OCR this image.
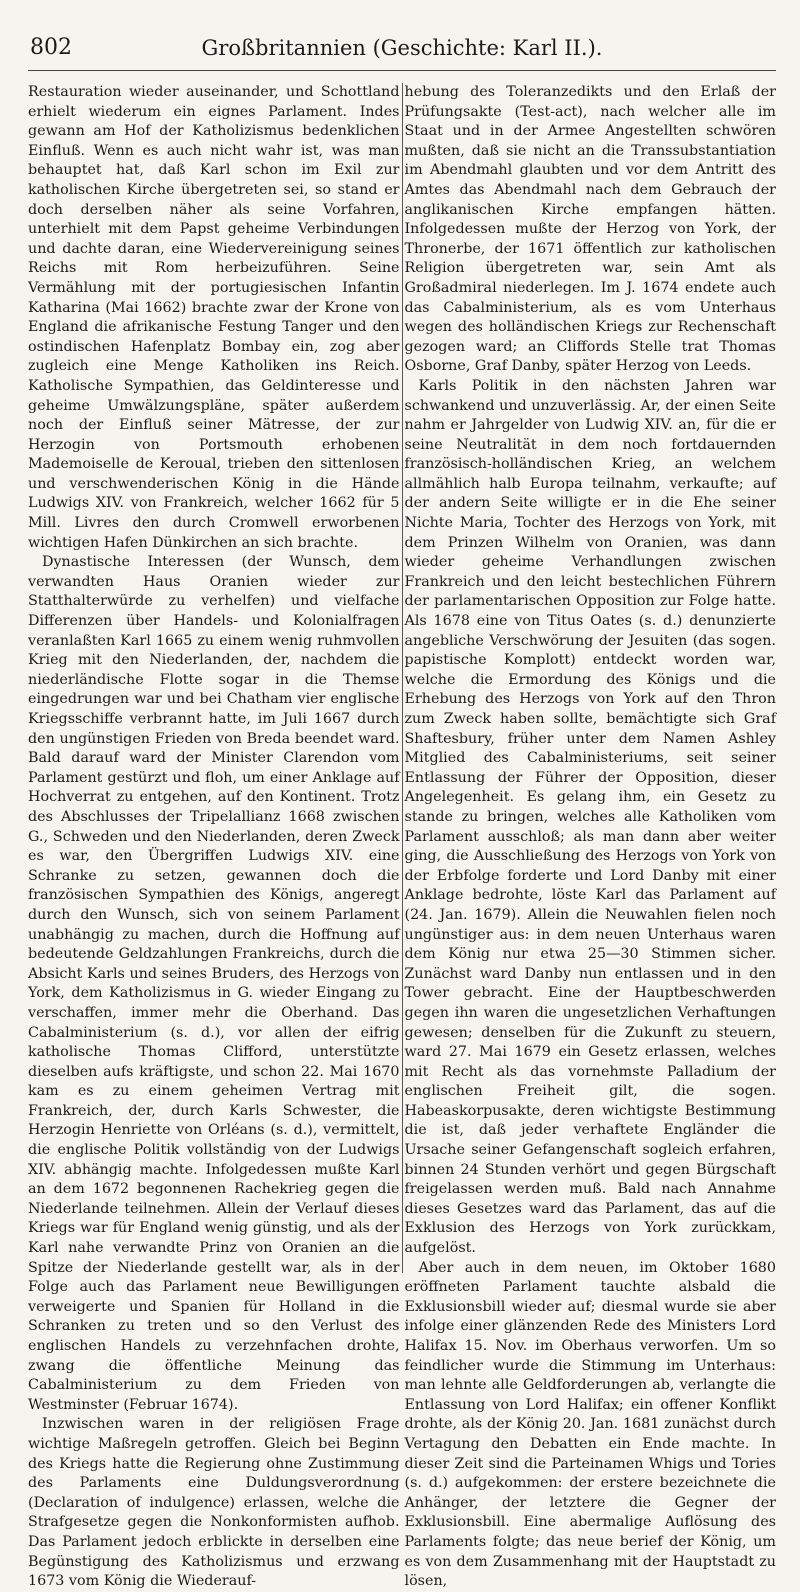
802	Großbritannien (Geschichte: Karl II.).

Restauration wieder auseinander, und Schottland erhielt wiederum ein eignes Parlament. Indes gewann am Hof der Katholizismus bedenklichen Einfluß. Wenn es auch nicht wahr ist, was man behauptet hat, daß Karl schon im Exil zur katholischen Kirche übergetreten sei, so stand er doch derselben näher als seine Vorfahren, unterhielt mit dem Papst geheime Verbindungen und dachte daran, eine Wiedervereinigung seines Reichs mit Rom herbeizuführen. Seine Vermählung mit der portugiesischen Infantin Katharina (Mai 1662) brachte zwar der Krone von England die afrikanische Festung Tanger und den ostindischen Hafenplatz Bombay ein, zog aber zugleich eine Menge Katholiken ins Reich. Katholische Sympathien, das Geldinteresse und geheime Umwälzungspläne, später außerdem noch der Einfluß seiner Mätresse, der zur Herzogin von Portsmouth erhobenen Mademoiselle de Keroual, trieben den sittenlosen und verschwenderischen König in die Hände Ludwigs XIV. von Frankreich, welcher 1662 für 5 Mill. Livres den durch Cromwell erworbenen wichtigen Hafen Dünkirchen an sich brachte.

Dynastische Interessen (der Wunsch, dem verwandten Haus Oranien wieder zur Statthalterwürde zu verhelfen) und vielfache Differenzen über Handels- und Kolonialfragen veranlaßten Karl 1665 zu einem wenig ruhmvollen Krieg mit den Niederlanden, der, nachdem die niederländische Flotte sogar in die Themse eingedrungen war und bei Chatham vier englische Kriegsschiffe verbrannt hatte, im Juli 1667 durch den ungünstigen Frieden von Breda beendet ward. Bald darauf ward der Minister Clarendon vom Parlament gestürzt und floh, um einer Anklage auf Hochverrat zu entgehen, auf den Kontinent. Trotz des Abschlusses der Tripelallianz 1668 zwischen G., Schweden und den Niederlanden, deren Zweck es war, den Übergriffen Ludwigs XIV. eine Schranke zu setzen, gewannen doch die französischen Sympathien des Königs, angeregt durch den Wunsch, sich von seinem Parlament unabhängig zu machen, durch die Hoffnung auf bedeutende Geldzahlungen Frankreichs, durch die Absicht Karls und seines Bruders, des Herzogs von York, dem Katholizismus in G. wieder Eingang zu verschaffen, immer mehr die Oberhand. Das Cabalministerium (s. d.), vor allen der eifrig katholische Thomas Clifford, unterstützte dieselben aufs kräftigste, und schon 22. Mai 1670 kam es zu einem geheimen Vertrag mit Frankreich, der, durch Karls Schwester, die Herzogin Henriette von Orléans (s. d.), vermittelt, die englische Politik vollständig von der Ludwigs XIV. abhängig machte. Infolgedessen mußte Karl an dem 1672 begonnenen Rachekrieg gegen die Niederlande teilnehmen. Allein der Verlauf dieses Kriegs war für England wenig günstig, und als der Karl nahe verwandte Prinz von Oranien an die Spitze der Niederlande gestellt war, als in der Folge auch das Parlament neue Bewilligungen verweigerte und Spanien für Holland in die Schranken zu treten und so den Verlust des englischen Handels zu verzehnfachen drohte, zwang die öffentliche Meinung das Cabalministerium zu dem Frieden von Westminster (Februar 1674).

Inzwischen waren in der religiösen Frage wichtige Maßregeln getroffen. Gleich bei Beginn des Kriegs hatte die Regierung ohne Zustimmung des Parlaments eine Duldungsverordnung (Declaration of indulgence) erlassen, welche die Strafgesetze gegen die Nonkonformisten aufhob. Das Parlament jedoch erblickte in derselben eine Begünstigung des Katholizismus und erzwang 1673 vom König die Wiederauf-

hebung des Toleranzedikts und den Erlaß der Prüfungsakte (Test-act), nach welcher alle im Staat und in der Armee Angestellten schwören mußten, daß sie nicht an die Transsubstantiation im Abendmahl glaubten und vor dem Antritt des Amtes das Abendmahl nach dem Gebrauch der anglikanischen Kirche empfangen hätten. Infolgedessen mußte der Herzog von York, der Thronerbe, der 1671 öffentlich zur katholischen Religion übergetreten war, sein Amt als Großadmiral niederlegen. Im J. 1674 endete auch das Cabalministerium, als es vom Unterhaus wegen des holländischen Kriegs zur Rechenschaft gezogen ward; an Cliffords Stelle trat Thomas Osborne, Graf Danby, später Herzog von Leeds.

Karls Politik in den nächsten Jahren war schwankend und unzuverlässig. Ar, der einen Seite nahm er Jahrgelder von Ludwig XIV. an, für die er seine Neutralität in dem noch fortdauernden französisch-holländischen Krieg, an welchem allmählich halb Europa teilnahm, verkaufte; auf der andern Seite willigte er in die Ehe seiner Nichte Maria, Tochter des Herzogs von York, mit dem Prinzen Wilhelm von Oranien, was dann wieder geheime Verhandlungen zwischen Frankreich und den leicht bestechlichen Führern der parlamentarischen Opposition zur Folge hatte. Als 1678 eine von Titus Oates (s. d.) denunzierte angebliche Verschwörung der Jesuiten (das sogen. papistische Komplott) entdeckt worden war, welche die Ermordung des Königs und die Erhebung des Herzogs von York auf den Thron zum Zweck haben sollte, bemächtigte sich Graf Shaftesbury, früher unter dem Namen Ashley Mitglied des Cabalministeriums, seit seiner Entlassung der Führer der Opposition, dieser Angelegenheit. Es gelang ihm, ein Gesetz zu stande zu bringen, welches alle Katholiken vom Parlament ausschloß; als man dann aber weiter ging, die Ausschließung des Herzogs von York von der Erbfolge forderte und Lord Danby mit einer Anklage bedrohte, löste Karl das Parlament auf (24. Jan. 1679). Allein die Neuwahlen fielen noch ungünstiger aus: in dem neuen Unterhaus waren dem König nur etwa 25—30 Stimmen sicher. Zunächst ward Danby nun entlassen und in den Tower gebracht. Eine der Hauptbeschwerden gegen ihn waren die ungesetzlichen Verhaftungen gewesen; denselben für die Zukunft zu steuern, ward 27. Mai 1679 ein Gesetz erlassen, welches mit Recht als das vornehmste Palladium der englischen Freiheit gilt, die sogen. Habeaskorpusakte, deren wichtigste Bestimmung die ist, daß jeder verhaftete Engländer die Ursache seiner Gefangenschaft sogleich erfahren, binnen 24 Stunden verhört und gegen Bürgschaft freigelassen werden muß. Bald nach Annahme dieses Gesetzes ward das Parlament, das auf die Exklusion des Herzogs von York zurückkam, aufgelöst.

Aber auch in dem neuen, im Oktober 1680 eröffneten Parlament tauchte alsbald die Exklusionsbill wieder auf; diesmal wurde sie aber infolge einer glänzenden Rede des Ministers Lord Halifax 15. Nov. im Oberhaus verworfen. Um so feindlicher wurde die Stimmung im Unterhaus: man lehnte alle Geldforderungen ab, verlangte die Entlassung von Lord Halifax; ein offener Konflikt drohte, als der König 20. Jan. 1681 zunächst durch Vertagung den Debatten ein Ende machte. In dieser Zeit sind die Parteinamen Whigs und Tories (s. d.) aufgekommen: der erstere bezeichnete die Anhänger, der letztere die Gegner der Exklusionsbill. Eine abermalige Auflösung des Parlaments folgte; das neue berief der König, um es von dem Zusammenhang mit der Hauptstadt zu lösen,
